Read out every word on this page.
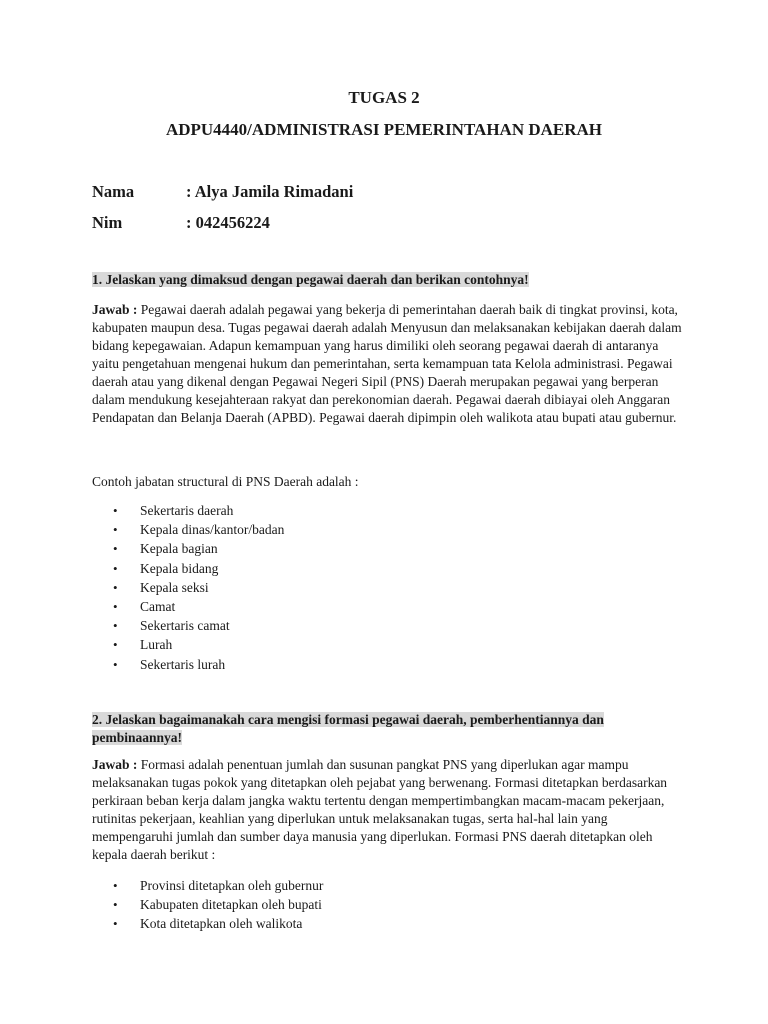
TUGAS 2
ADPU4440/ADMINISTRASI PEMERINTAHAN DAERAH
Nama	: Alya Jamila Rimadani
Nim	: 042456224

1. Jelaskan yang dimaksud dengan pegawai daerah dan berikan contohnya!

Jawab : Pegawai daerah adalah pegawai yang bekerja di pemerintahan daerah baik di tingkat provinsi, kota, kabupaten maupun desa. Tugas pegawai daerah adalah Menyusun dan melaksanakan kebijakan daerah dalam bidang kepegawaian. Adapun kemampuan yang harus dimiliki oleh seorang pegawai daerah di antaranya yaitu pengetahuan mengenai hukum dan pemerintahan, serta kemampuan tata Kelola administrasi. Pegawai daerah atau yang dikenal dengan Pegawai Negeri Sipil (PNS) Daerah merupakan pegawai yang berperan dalam mendukung kesejahteraan rakyat dan perekonomian daerah. Pegawai daerah dibiayai oleh Anggaran Pendapatan dan Belanja Daerah (APBD). Pegawai daerah dipimpin oleh walikota atau bupati atau gubernur.

Contoh jabatan structural di PNS Daerah adalah :

• Sekertaris daerah
• Kepala dinas/kantor/badan
• Kepala bagian
• Kepala bidang
• Kepala seksi
• Camat
• Sekertaris camat
• Lurah
• Sekertaris lurah

2. Jelaskan bagaimanakah cara mengisi formasi pegawai daerah, pemberhentiannya dan pembinaannya!

Jawab : Formasi adalah penentuan jumlah dan susunan pangkat PNS yang diperlukan agar mampu melaksanakan tugas pokok yang ditetapkan oleh pejabat yang berwenang. Formasi ditetapkan berdasarkan perkiraan beban kerja dalam jangka waktu tertentu dengan mempertimbangkan macam-macam pekerjaan, rutinitas pekerjaan, keahlian yang diperlukan untuk melaksanakan tugas, serta hal-hal lain yang mempengaruhi jumlah dan sumber daya manusia yang diperlukan. Formasi PNS daerah ditetapkan oleh kepala daerah berikut :

• Provinsi ditetapkan oleh gubernur
• Kabupaten ditetapkan oleh bupati
• Kota ditetapkan oleh walikota
